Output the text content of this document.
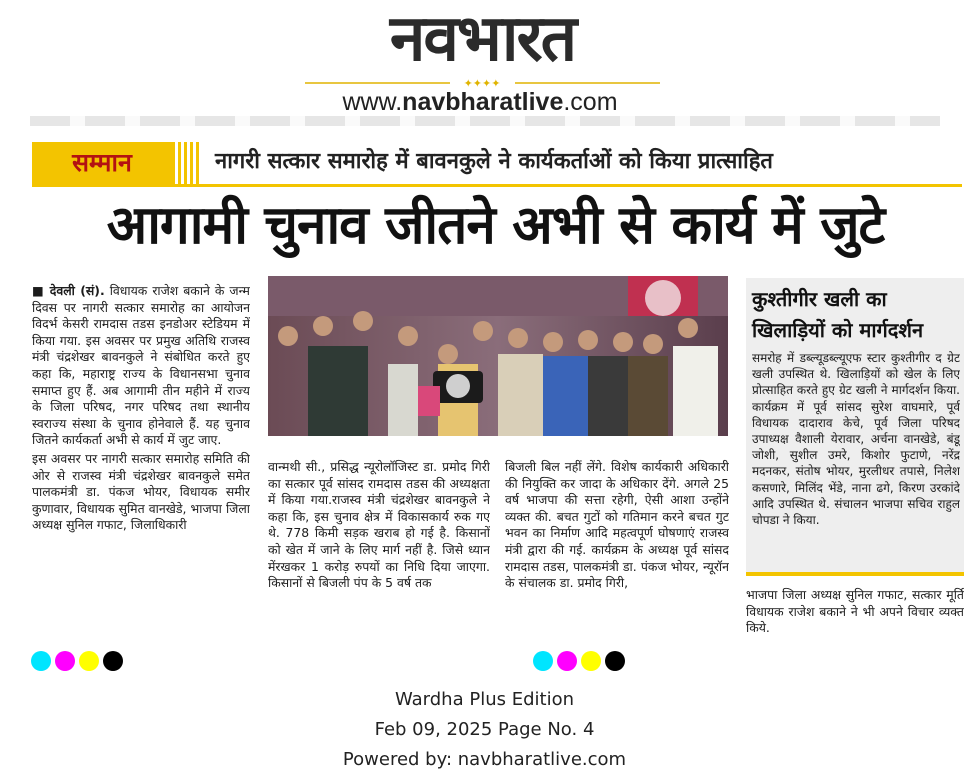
नवभारत
✦✦✦✦
www.navbharatlive.com
सम्मान	नागरी सत्कार समारोह में बावनकुले ने कार्यकर्ताओं को किया प्रात्साहित
आगामी चुनाव जीतने अभी से कार्य में जुटे

■ देवली (सं). विधायक राजेश बकाने के जन्म दिवस पर नागरी सत्कार समारोह का आयोजन विदर्भ केसरी रामदास तडस इनडोअर स्टेडियम में किया गया. इस अवसर पर प्रमुख अतिथि राजस्व मंत्री चंद्रशेखर बावनकुले ने संबोधित करते हुए कहा कि, महाराष्ट्र राज्य के विधानसभा चुनाव समाप्त हुए हैं. अब आगामी तीन महीने में राज्य के जिला परिषद, नगर परिषद तथा स्थानीय स्वराज्य संस्था के चुनाव होनेवाले हैं. यह चुनाव जितने कार्यकर्ता अभी से कार्य में जुट जाए.

इस अवसर पर नागरी सत्कार समारोह समिति की ओर से राजस्व मंत्री चंद्रशेखर बावनकुले समेत पालकमंत्री डा. पंकज भोयर, विधायक समीर कुणावार, विधायक सुमित वानखेडे, भाजपा जिला अध्यक्ष सुनिल गफाट, जिलाधिकारी

वान्मथी सी., प्रसिद्ध न्यूरोलॉजिस्ट डा. प्रमोद गिरी का सत्कार पूर्व सांसद रामदास तडस की अध्यक्षता में किया गया.राजस्व मंत्री चंद्रशेखर बावनकुले ने कहा कि, इस चुनाव क्षेत्र में विकासकार्य रुक गए थे. 778 किमी सड़क खराब हो गई है. किसानों को खेत में जाने के लिए मार्ग नहीं है. जिसे ध्यान मेंरखकर 1 करोड़ रुपयों का निधि दिया जाएगा. किसानों से बिजली पंप के 5 वर्ष तक
बिजली बिल नहीं लेंगे. विशेष कार्यकारी अधिकारी की नियुक्ति कर जादा के अधिकार देंगे. अगले 25 वर्ष भाजपा की सत्ता रहेगी, ऐसी आशा उन्होंने व्यक्त की. बचत गुटों को गतिमान करने बचत गुट भवन का निर्माण आदि महत्वपूर्ण घोषणाएं राजस्व मंत्री द्वारा की गई. कार्यक्रम के अध्यक्ष पूर्व सांसद रामदास तडस, पालकमंत्री डा. पंकज भोयर, न्यूरॉन के संचालक डा. प्रमोद गिरी,
कुश्तीगीर खली का खिलाड़ियों को मार्गदर्शन
समरोह में डब्ल्यूडब्ल्यूएफ स्टार कुश्तीगीर द ग्रेट खली उपस्थित थे. खिलाड़ियों को खेल के लिए प्रोत्साहित करते हुए ग्रेट खली ने मार्गदर्शन किया. कार्यक्रम में पूर्व सांसद सुरेश वाघमारे, पूर्व विधायक दादाराव केचे, पूर्व जिला परिषद उपाध्यक्ष वैशाली येरावार, अर्चना वानखेडे, बंडू जोशी, सुशील उमरे, किशोर फुटाणे, नरेंद्र मदनकर, संतोष भोयर, मुरलीधर तपासे, निलेश कसणारे, मिलिंद भेंडे, नाना ढगे, किरण उरकांदे आदि उपस्थित थे. संचालन भाजपा सचिव राहुल चोपडा ने किया.
भाजपा जिला अध्यक्ष सुनिल गफाट, सत्कार मूर्ति विधायक राजेश बकाने ने भी अपने विचार व्यक्त किये.
Wardha Plus Edition
Feb 09, 2025 Page No. 4
Powered by: navbharatlive.com
